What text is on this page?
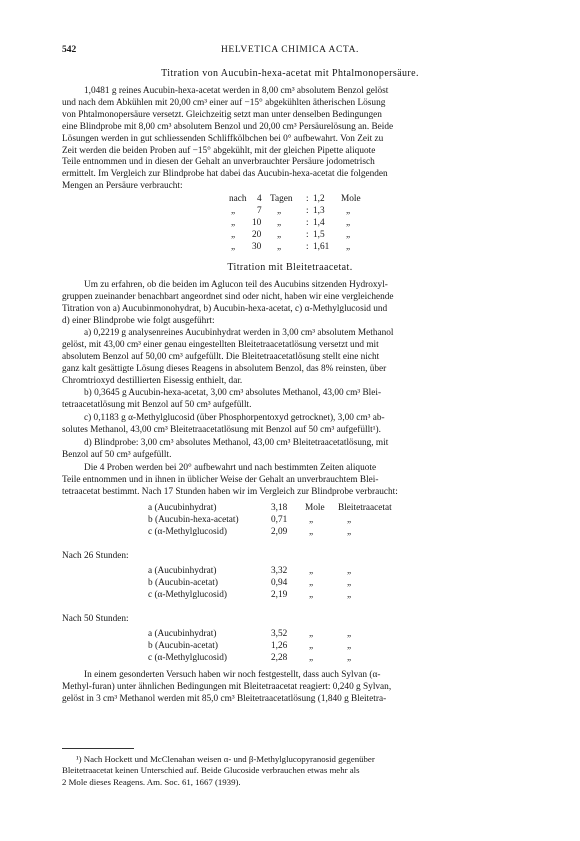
542	HELVETICA CHIMICA ACTA.
Titration von Aucubin-hexa-acetat mit Phtalmonopersäure.
1,0481 g reines Aucubin-hexa-acetat werden in 8,00 cm³ absolutem Benzol gelöst
und nach dem Abkühlen mit 20,00 cm³ einer auf −15° abgekühlten ätherischen Lösung
von Phtalmonopersäure versetzt. Gleichzeitig setzt man unter denselben Bedingungen
eine Blindprobe mit 8,00 cm³ absolutem Benzol und 20,00 cm³ Persäurelösung an. Beide
Lösungen werden in gut schliessenden Schliffkölbchen bei 0° aufbewahrt. Von Zeit zu
Zeit werden die beiden Proben auf −15° abgekühlt, mit der gleichen Pipette aliquote
Teile entnommen und in diesen der Gehalt an unverbrauchter Persäure jodometrisch
ermittelt. Im Vergleich zur Blindprobe hat dabei das Aucubin-hexa-acetat die folgenden
Mengen an Persäure verbraucht:
nach 4 Tagen : 1,2 Mole
„ 7 „	: 1,3 „
„ 10 „	: 1,4 „
„ 20 „	: 1,5 „
„ 30 „	: 1,61 „
Titration mit Bleitetraacetat.
Um zu erfahren, ob die beiden im Aglucon teil des Aucubins sitzenden Hydroxyl-
gruppen zueinander benachbart angeordnet sind oder nicht, haben wir eine vergleichende
Titration von a) Aucubinmonohydrat, b) Aucubin-hexa-acetat, c) α-Methylglucosid und
d) einer Blindprobe wie folgt ausgeführt:
a) 0,2219 g analysenreines Aucubinhydrat werden in 3,00 cm³ absolutem Methanol
gelöst, mit 43,00 cm³ einer genau eingestellten Bleitetraacetatlösung versetzt und mit
absolutem Benzol auf 50,00 cm³ aufgefüllt. Die Bleitetraacetatlösung stellt eine nicht
ganz kalt gesättigte Lösung dieses Reagens in absolutem Benzol, das 8% reinsten, über
Chromtrioxyd destillierten Eisessig enthielt, dar.
b) 0,3645 g Aucubin-hexa-acetat, 3,00 cm³ absolutes Methanol, 43,00 cm³ Blei-
tetraacetatlösung mit Benzol auf 50 cm³ aufgefüllt.
c) 0,1183 g α-Methylglucosid (über Phosphorpentoxyd getrocknet), 3,00 cm³ ab-
solutes Methanol, 43,00 cm³ Bleitetraacetatlösung mit Benzol auf 50 cm³ aufgefüllt¹).
d) Blindprobe: 3,00 cm³ absolutes Methanol, 43,00 cm³ Bleitetraacetatlösung, mit
Benzol auf 50 cm³ aufgefüllt.
Die 4 Proben werden bei 20° aufbewahrt und nach bestimmten Zeiten aliquote
Teile entnommen und in ihnen in üblicher Weise der Gehalt an unverbrauchtem Blei-
tetraacetat bestimmt. Nach 17 Stunden haben wir im Vergleich zur Blindprobe verbraucht:
a (Aucubinhydrat)	3,18 Mole Bleitetraacetat
b (Aucubin-hexa-acetat)	0,71 „	„
c (α-Methylglucosid)	2,09 „	„
Nach 26 Stunden:
a (Aucubinhydrat)	3,32 „	„
b (Aucubin-acetat)	0,94 „	„
c (α-Methylglucosid)	2,19 „	„
Nach 50 Stunden:
a (Aucubinhydrat)	3,52 „	„
b (Aucubin-acetat)	1,26 „	„
c (α-Methylglucosid)	2,28 „	„
In einem gesonderten Versuch haben wir noch festgestellt, dass auch Sylvan (α-
Methyl-furan) unter ähnlichen Bedingungen mit Bleitetraacetat reagiert: 0,240 g Sylvan,
gelöst in 3 cm³ Methanol werden mit 85,0 cm³ Bleitetraacetatlösung (1,840 g Bleitetra-
¹) Nach Hockett und McClenahan weisen α- und β-Methylglucopyranosid gegenüber
Bleitetraacetat keinen Unterschied auf. Beide Glucoside verbrauchen etwas mehr als
2 Mole dieses Reagens. Am. Soc. 61, 1667 (1939).
